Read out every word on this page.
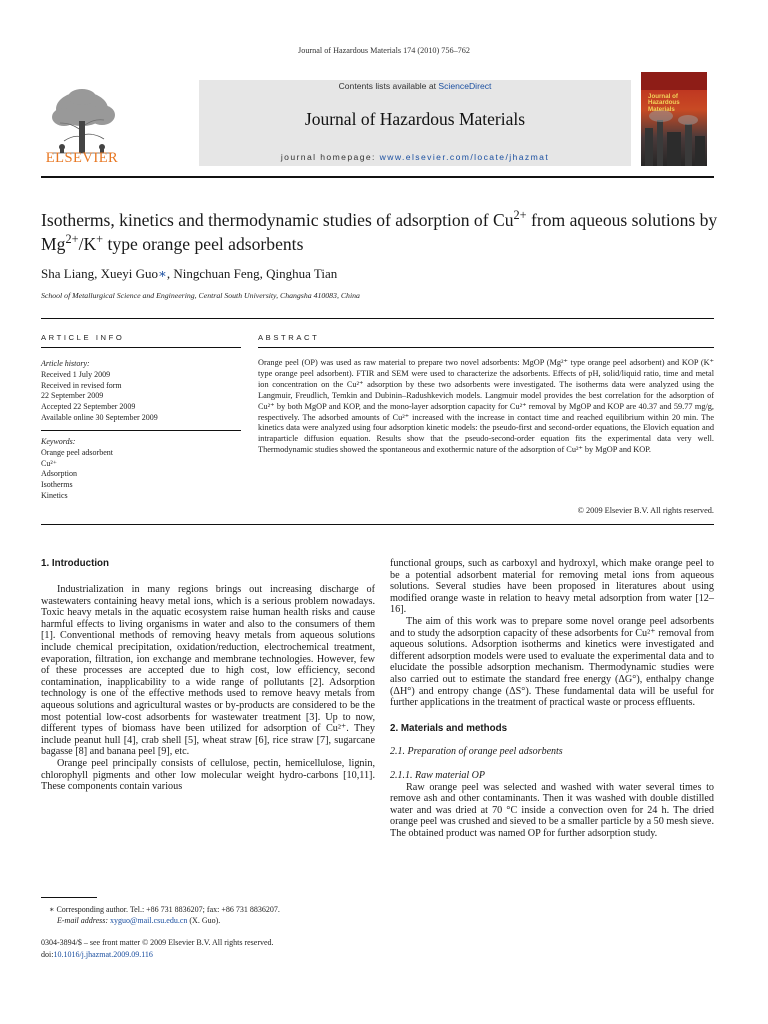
Journal of Hazardous Materials 174 (2010) 756–762
Contents lists available at ScienceDirect
Journal of Hazardous Materials
journal homepage: www.elsevier.com/locate/jhazmat
ELSEVIER
Journal of Hazardous Materials
Isotherms, kinetics and thermodynamic studies of adsorption of $Cu^{2+}$ from aqueous solutions by $Mg^{2+}/K^+$ type orange peel adsorbents
Sha Liang, Xueyi Guo∗, Ningchuan Feng, Qinghua Tian
School of Metallurgical Science and Engineering, Central South University, Changsha 410083, China
ARTICLE INFO
Article history:
Received 1 July 2009
Received in revised form
22 September 2009
Accepted 22 September 2009
Available online 30 September 2009
Keywords:
Orange peel adsorbent
Cu²⁺
Adsorption
Isotherms
Kinetics
ABSTRACT
Orange peel (OP) was used as raw material to prepare two novel adsorbents: MgOP (Mg²⁺ type orange peel adsorbent) and KOP (K⁺ type orange peel adsorbent). FTIR and SEM were used to characterize the adsorbents. Effects of pH, solid/liquid ratio, time and metal ion concentration on the Cu²⁺ adsorption by these two adsorbents were investigated. The isotherms data were analyzed using the Langmuir, Freudlich, Temkin and Dubinin–Radushkevich models. Langmuir model provides the best correlation for the adsorption of Cu²⁺ by both MgOP and KOP, and the mono-layer adsorption capacity for Cu²⁺ removal by MgOP and KOP are 40.37 and 59.77 mg/g, respectively. The adsorbed amounts of Cu²⁺ increased with the increase in contact time and reached equilibrium within 20 min. The kinetics data were analyzed using four adsorption kinetic models: the pseudo-first and second-order equations, the Elovich equation and intraparticle diffusion equation. Results show that the pseudo-second-order equation fits the experimental data very well. Thermodynamic studies showed the spontaneous and exothermic nature of the adsorption of Cu²⁺ by MgOP and KOP.
© 2009 Elsevier B.V. All rights reserved.
1. Introduction

Industrialization in many regions brings out increasing discharge of wastewaters containing heavy metal ions, which is a serious problem nowadays. Toxic heavy metals in the aquatic ecosystem raise human health risks and cause harmful effects to living organisms in water and also to the consumers of them [1]. Conventional methods of removing heavy metals from aqueous solutions include chemical precipitation, oxidation/reduction, electrochemical treatment, evaporation, filtration, ion exchange and membrane technologies. However, few of these processes are accepted due to high cost, low efficiency, second contamination, inapplicability to a wide range of pollutants [2]. Adsorption technology is one of the effective methods used to remove heavy metals from aqueous solutions and agricultural wastes or by-products are considered to be the most potential low-cost adsorbents for wastewater treatment [3]. Up to now, different types of biomass have been utilized for adsorption of Cu²⁺. They include peanut hull [4], crab shell [5], wheat straw [6], rice straw [7], sugarcane bagasse [8] and banana peel [9], etc.

Orange peel principally consists of cellulose, pectin, hemicellulose, lignin, chlorophyll pigments and other low molecular weight hydro-carbons [10,11]. These components contain various

functional groups, such as carboxyl and hydroxyl, which make orange peel to be a potential adsorbent material for removing metal ions from aqueous solutions. Several studies have been proposed in literatures about using modified orange waste in relation to heavy metal adsorption from water [12–16].

The aim of this work was to prepare some novel orange peel adsorbents and to study the adsorption capacity of these adsorbents for Cu²⁺ removal from aqueous solutions. Adsorption isotherms and kinetics were investigated and different adsorption models were used to evaluate the experimental data and to elucidate the possible adsorption mechanism. Thermodynamic studies were also carried out to estimate the standard free energy (ΔG°), enthalpy change (ΔH°) and entropy change (ΔS°). These fundamental data will be useful for further applications in the treatment of practical waste or process effluents.

2. Materials and methods
2.1. Preparation of orange peel adsorbents
2.1.1. Raw material OP

Raw orange peel was selected and washed with water several times to remove ash and other contaminants. Then it was washed with double distilled water and was dried at 70 °C inside a convection oven for 24 h. The dried orange peel was crushed and sieved to be a smaller particle by a 50 mesh sieve. The obtained product was named OP for further adsorption study.

∗ Corresponding author. Tel.: +86 731 8836207; fax: +86 731 8836207.
E-mail address: xyguo@mail.csu.edu.cn (X. Guo).
0304-3894/$ – see front matter © 2009 Elsevier B.V. All rights reserved.
doi:10.1016/j.jhazmat.2009.09.116
